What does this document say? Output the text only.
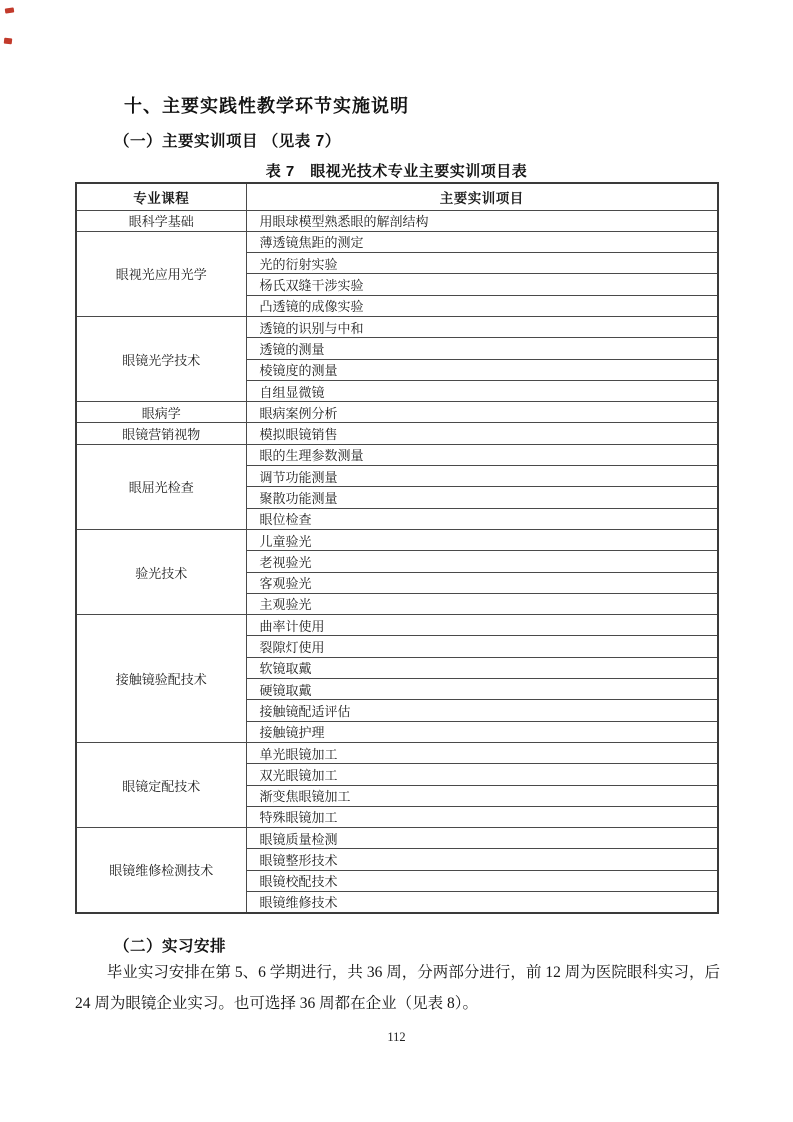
十、主要实践性教学环节实施说明
（一）主要实训项目 （见表 7）
表 7　眼视光技术专业主要实训项目表
专业课程	主要实训项目
眼科学基础	用眼球模型熟悉眼的解剖结构
眼视光应用光学	薄透镜焦距的测定
	光的衍射实验
	杨氏双缝干涉实验
	凸透镜的成像实验
眼镜光学技术	透镜的识别与中和
	透镜的测量
	棱镜度的测量
	自组显微镜
眼病学	眼病案例分析
眼镜营销视物	模拟眼镜销售
眼屈光检查	眼的生理参数测量
	调节功能测量
	聚散功能测量
	眼位检查
验光技术	儿童验光
	老视验光
	客观验光
	主观验光
接触镜验配技术	曲率计使用
	裂隙灯使用
	软镜取戴
	硬镜取戴
	接触镜配适评估
	接触镜护理
眼镜定配技术	单光眼镜加工
	双光眼镜加工
	渐变焦眼镜加工
	特殊眼镜加工
眼镜维修检测技术	眼镜质量检测
	眼镜整形技术
	眼镜校配技术
	眼镜维修技术
（二）实习安排

毕业实习安排在第 5、6 学期进行，共 36 周，分两部分进行，前 12 周为医院眼科实习，后 24 周为眼镜企业实习。也可选择 36 周都在企业（见表 8）。

112
